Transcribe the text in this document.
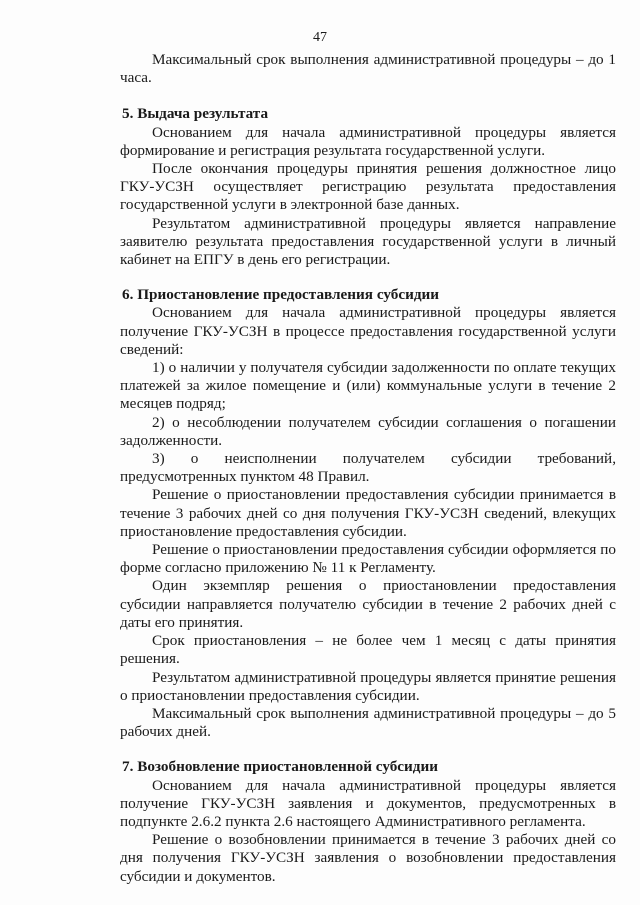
47

Максимальный срок выполнения административной процедуры – до 1 часа.

5. Выдача результата

Основанием для начала административной процедуры является формирование и регистрация результата государственной услуги.

После окончания процедуры принятия решения должностное лицо ГКУ-УСЗН осуществляет регистрацию результата предоставления государственной услуги в электронной базе данных.

Результатом административной процедуры является направление заявителю результата предоставления государственной услуги в личный кабинет на ЕПГУ в день его регистрации.

6. Приостановление предоставления субсидии

Основанием для начала административной процедуры является получение ГКУ-УСЗН в процессе предоставления государственной услуги сведений:

1) о наличии у получателя субсидии задолженности по оплате текущих платежей за жилое помещение и (или) коммунальные услуги в течение 2 месяцев подряд;

2) о несоблюдении получателем субсидии соглашения о погашении задолженности.

3) о неисполнении получателем субсидии требований, предусмотренных пунктом 48 Правил.

Решение о приостановлении предоставления субсидии принимается в течение 3 рабочих дней со дня получения ГКУ-УСЗН сведений, влекущих приостановление предоставления субсидии.

Решение о приостановлении предоставления субсидии оформляется по форме согласно приложению № 11 к Регламенту.

Один экземпляр решения о приостановлении предоставления субсидии направляется получателю субсидии в течение 2 рабочих дней с даты его принятия.

Срок приостановления – не более чем 1 месяц с даты принятия решения.

Результатом административной процедуры является принятие решения о приостановлении предоставления субсидии.

Максимальный срок выполнения административной процедуры – до 5 рабочих дней.

7. Возобновление приостановленной субсидии

Основанием для начала административной процедуры является получение ГКУ-УСЗН заявления и документов, предусмотренных в подпункте 2.6.2 пункта 2.6 настоящего Административного регламента.

Решение о возобновлении принимается в течение 3 рабочих дней со дня получения ГКУ-УСЗН заявления о возобновлении предоставления субсидии и документов.
